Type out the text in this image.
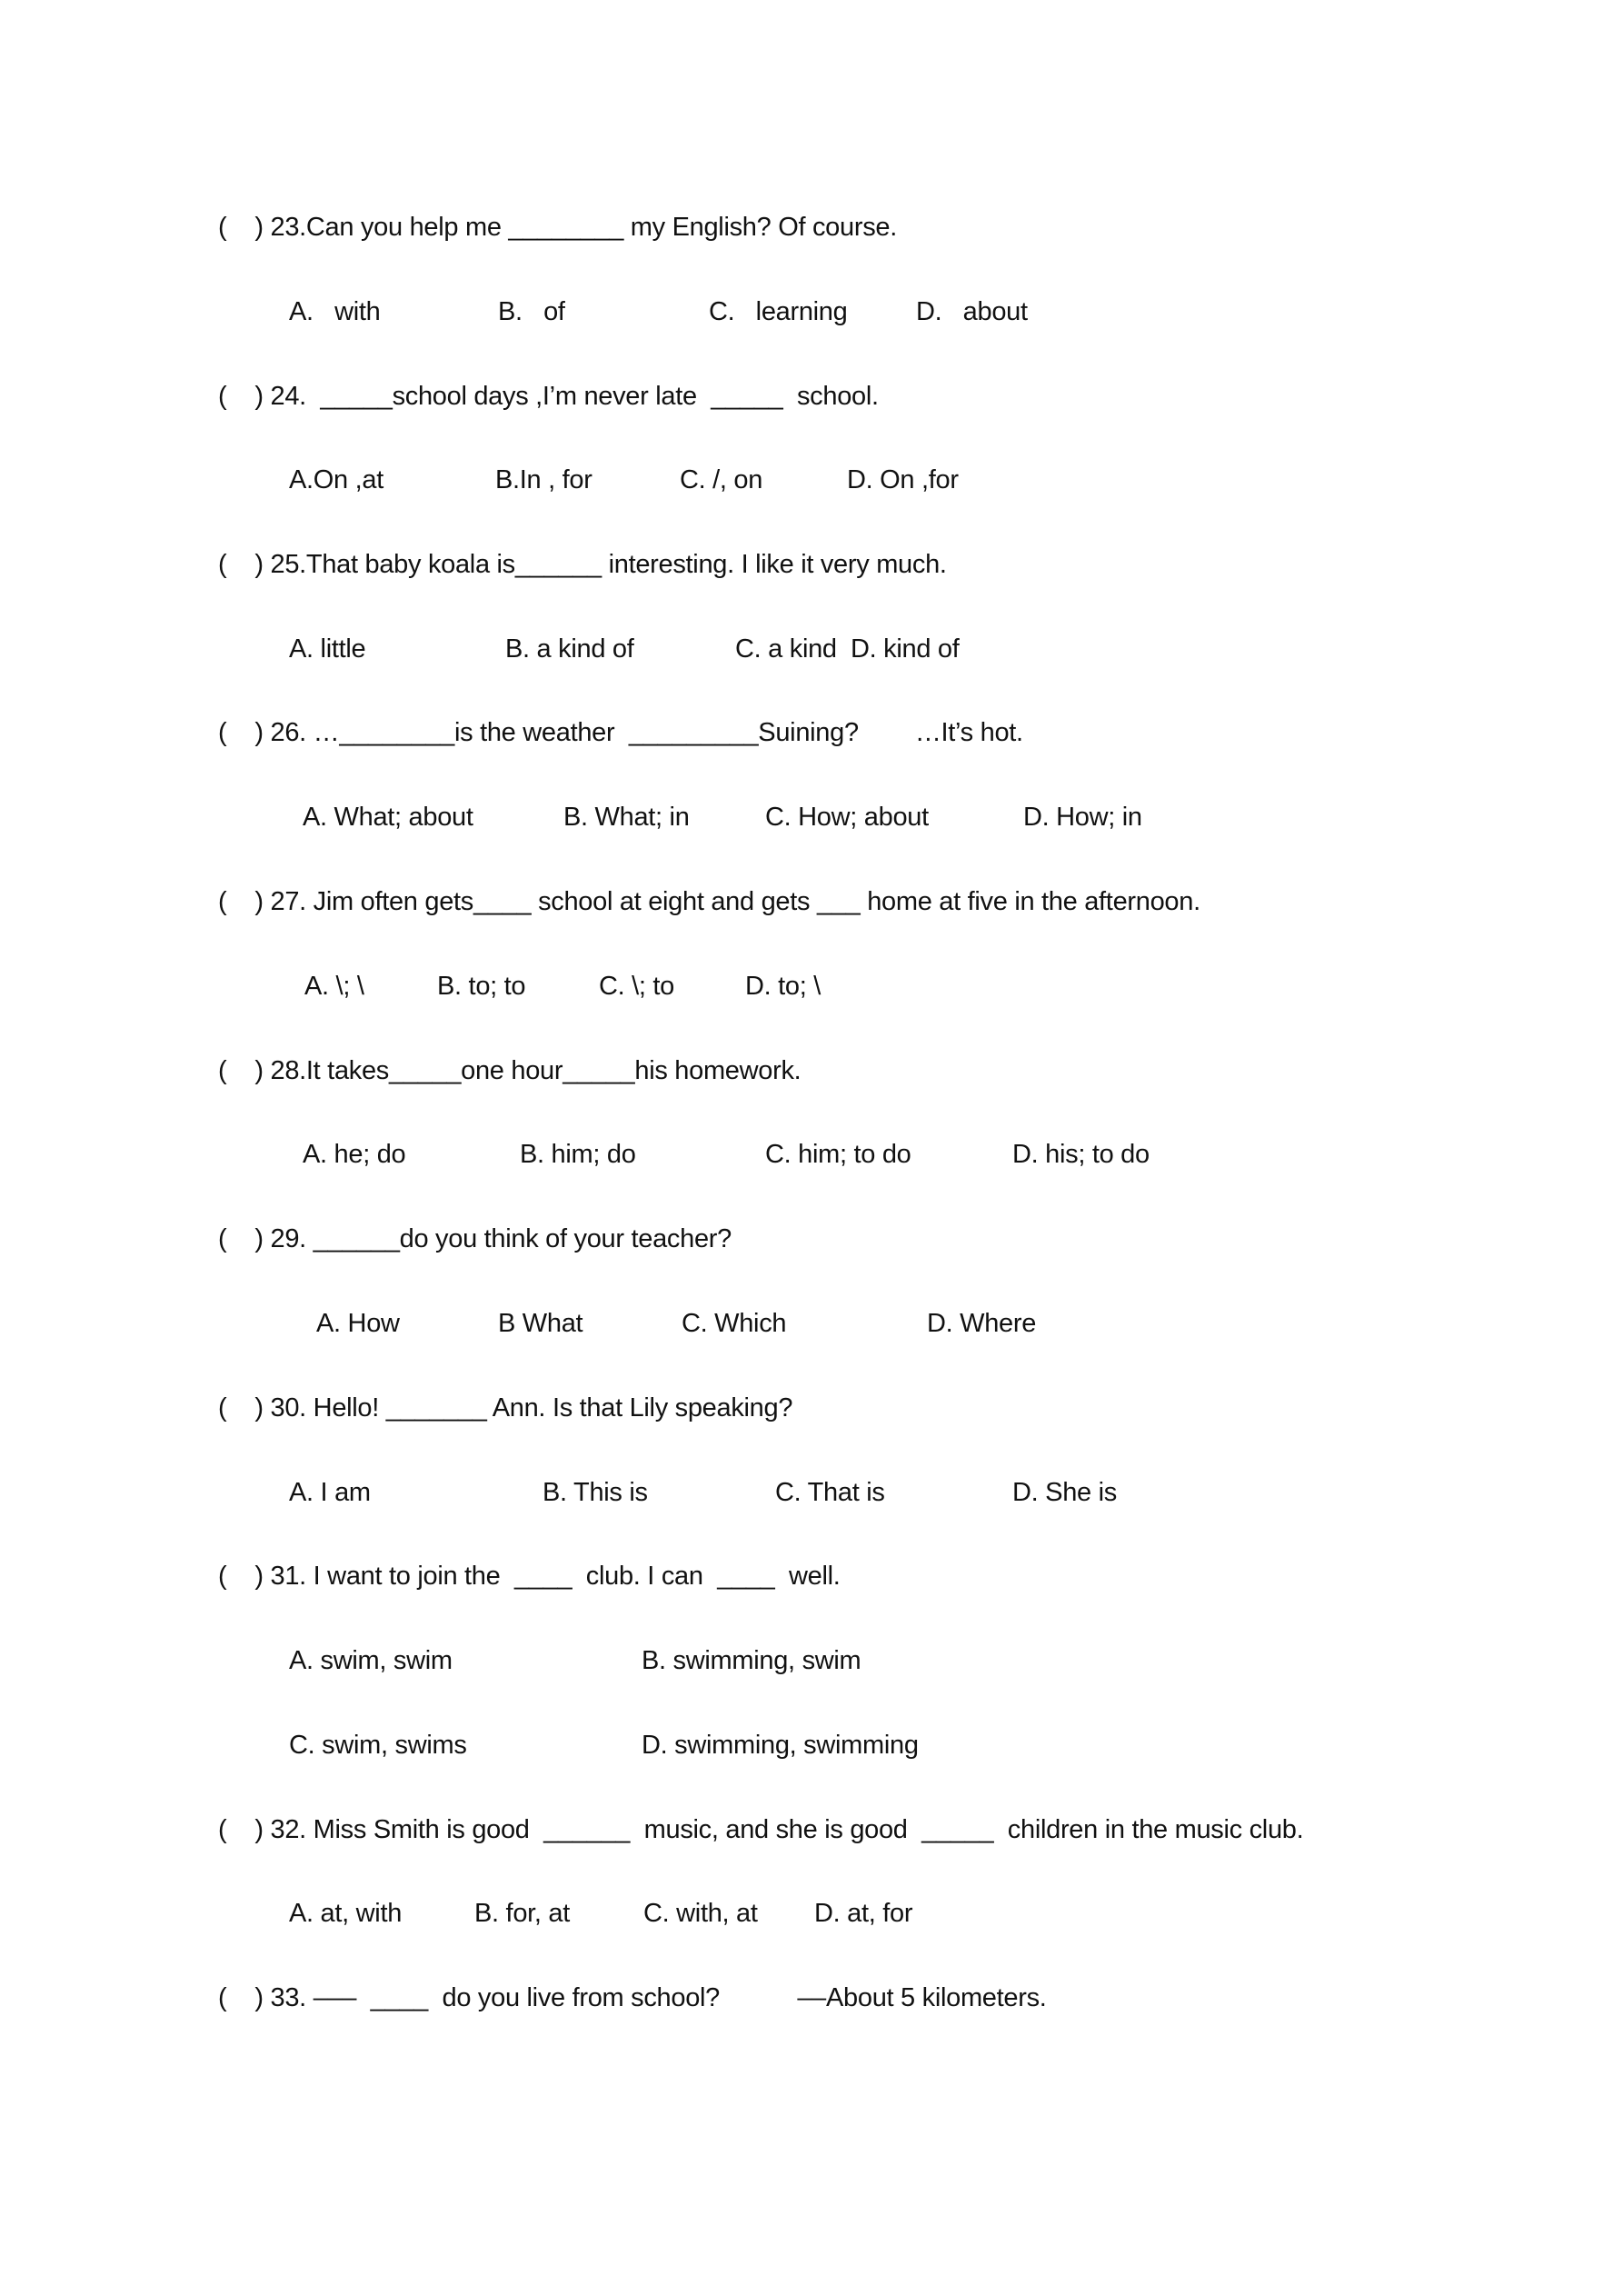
(    ) 23.Can you help me ________ my English? Of course.
A.   with	B.   of	C.   learning	D.   about
(    ) 24.  _____school days ,I’m never late  _____  school.
A.On ,at	B.In , for	C. /, on	D. On ,for
(    ) 25.That baby koala is______ interesting. I like it very much.
A. little	B. a kind of	C. a kind D. kind of
(    ) 26. …________is the weather  _________Suining?        …It’s hot.
A. What; about	B. What; in	C. How; about	D. How; in
(    ) 27. Jim often gets____ school at eight and gets ___ home at five in the afternoon.
A. \; \	B. to; to	C. \; to	D. to; \
(    ) 28.It takes_____one hour_____his homework.
A. he; do	B. him; do	C. him; to do	D. his; to do
(    ) 29. ______do you think of your teacher?
A. How	B What	C. Which	D. Where
(    ) 30. Hello! _______ Ann. Is that Lily speaking?
A. I am	B. This is	C. That is	D. She is
(    ) 31. I want to join the  ____  club. I can  ____  well.
A. swim, swim	B. swimming, swim
C. swim, swims	D. swimming, swimming
(    ) 32. Miss Smith is good  ______  music, and she is good  _____  children in the music club.
A. at, with	B. for, at	C. with, at D. at, for
(    ) 33. –––  ____  do you live from school?           ––About 5 kilometers.
